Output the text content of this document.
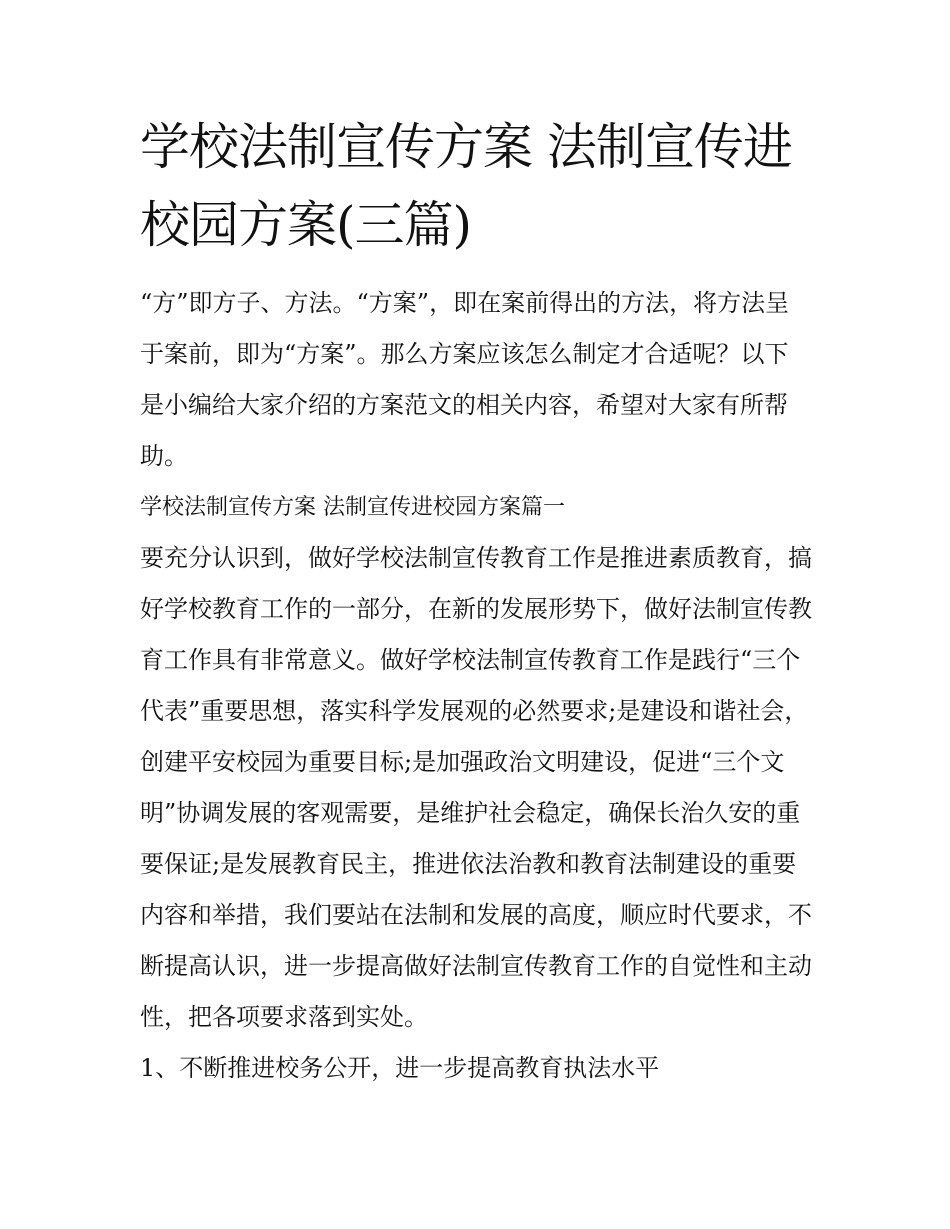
学校法制宣传方案 法制宣传进校园方案(三篇)

“方”即方子、方法。“方案”，即在案前得出的方法，将方法呈于案前，即为“方案”。那么方案应该怎么制定才合适呢？以下是小编给大家介绍的方案范文的相关内容，希望对大家有所帮助。

学校法制宣传方案 法制宣传进校园方案篇一

要充分认识到，做好学校法制宣传教育工作是推进素质教育，搞好学校教育工作的一部分，在新的发展形势下，做好法制宣传教育工作具有非常意义。做好学校法制宣传教育工作是践行“三个代表”重要思想，落实科学发展观的必然要求;是建设和谐社会，创建平安校园为重要目标;是加强政治文明建设，促进“三个文明”协调发展的客观需要，是维护社会稳定，确保长治久安的重要保证;是发展教育民主，推进依法治教和教育法制建设的重要内容和举措，我们要站在法制和发展的高度，顺应时代要求，不断提高认识，进一步提高做好法制宣传教育工作的自觉性和主动性，把各项要求落到实处。

1、不断推进校务公开，进一步提高教育执法水平
